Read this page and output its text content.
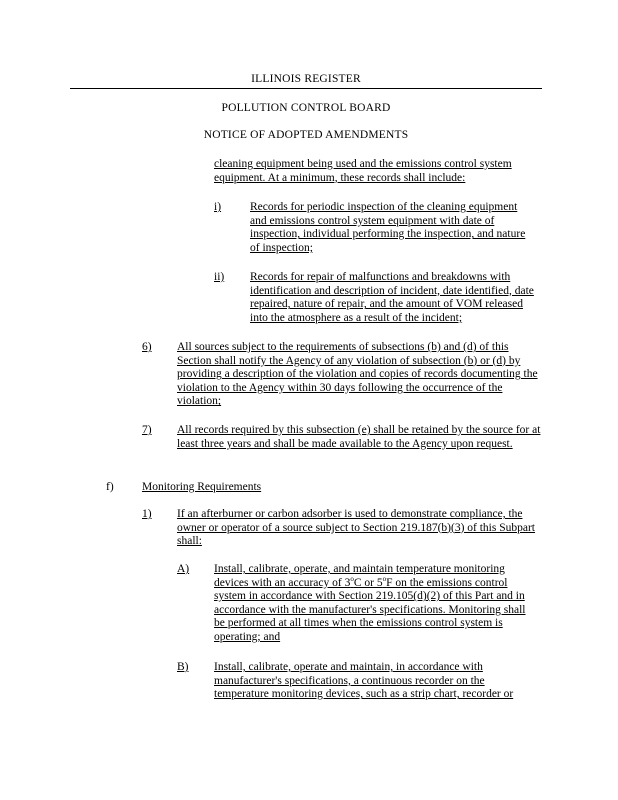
ILLINOIS REGISTER
POLLUTION CONTROL BOARD
NOTICE OF ADOPTED AMENDMENTS
cleaning equipment being used and the emissions control system equipment. At a minimum, these records shall include:
i)	Records for periodic inspection of the cleaning equipment and emissions control system equipment with date of inspection, individual performing the inspection, and nature of inspection;
ii) Records for repair of malfunctions and breakdowns with identification and description of incident, date identified, date repaired, nature of repair, and the amount of VOM released into the atmosphere as a result of the incident;
6) All sources subject to the requirements of subsections (b) and (d) of this Section shall notify the Agency of any violation of subsection (b) or (d) by providing a description of the violation and copies of records documenting the violation to the Agency within 30 days following the occurrence of the violation;
7) All records required by this subsection (e) shall be retained by the source for at least three years and shall be made available to the Agency upon request.
f) Monitoring Requirements
1) If an afterburner or carbon adsorber is used to demonstrate compliance, the owner or operator of a source subject to Section 219.187(b)(3) of this Subpart shall:
A) Install, calibrate, operate, and maintain temperature monitoring devices with an accuracy of 3$^o$C or 5$^o$F on the emissions control system in accordance with Section 219.105(d)(2) of this Part and in accordance with the manufacturer's specifications. Monitoring shall be performed at all times when the emissions control system is operating; and
B) Install, calibrate, operate and maintain, in accordance with manufacturer's specifications, a continuous recorder on the temperature monitoring devices, such as a strip chart, recorder or
